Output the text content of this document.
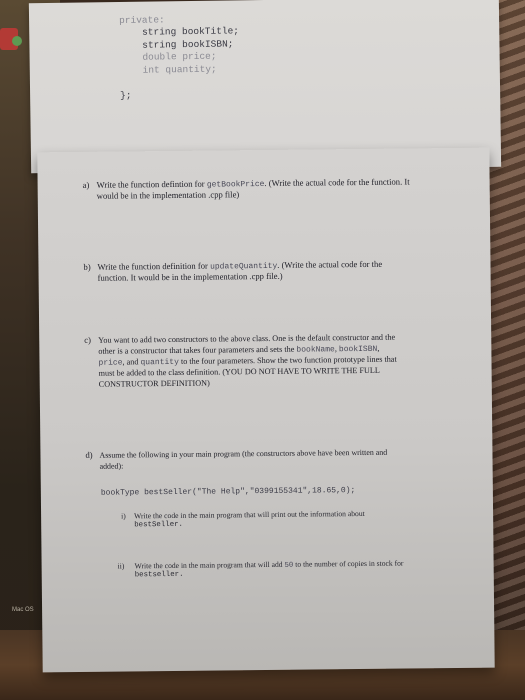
private:
string bookTitle;
string bookISBN;
double price;
int quantity;

};

a) Write the function defintion for getBookPrice. (Write the actual code for the function. It
would be in the implementation .cpp file)
b) Write the function definition for updateQuantity. (Write the actual code for the
function. It would be in the implementation .cpp file.)
c) You want to add two constructors to the above class. One is the default constructor and the
other is a constructor that takes four parameters and sets the bookName, bookISBN,
price, and quantity to the four parameters. Show the two function prototype lines that
must be added to the class definition. (YOU DO NOT HAVE TO WRITE THE FULL
CONSTRUCTOR DEFINITION)
d) Assume the following in your main program (the constructors above have been written and
added):
bookType bestSeller("The Help","0399155341",18.65,0);
i) Write the code in the main program that will print out the information about
bestSeller.
ii) Write the code in the main program that will add 50 to the number of copies in stock for
bestseller.
Mac OS
